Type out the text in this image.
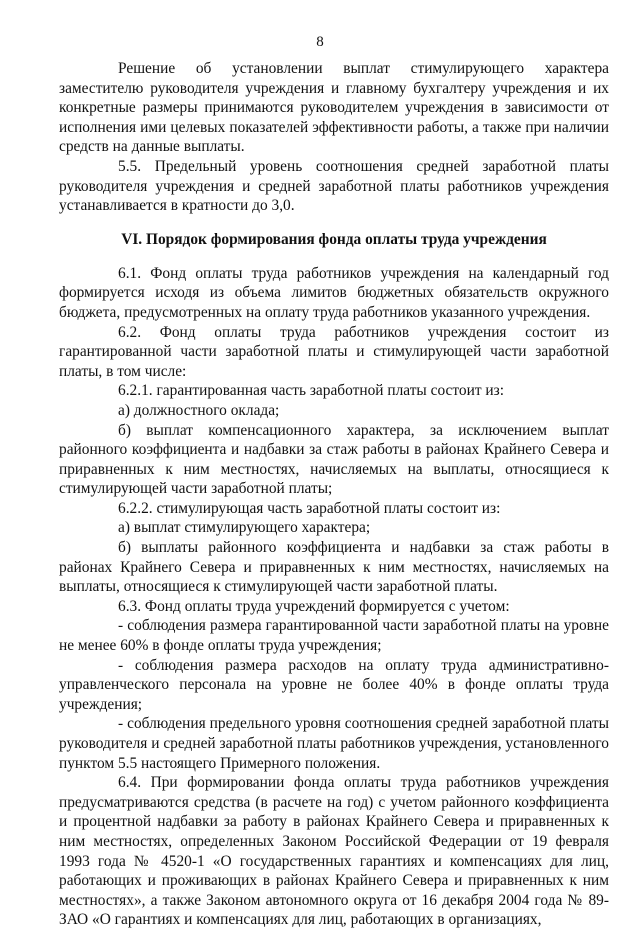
8

Решение об установлении выплат стимулирующего характера заместителю руководителя учреждения и главному бухгалтеру учреждения и их конкретные размеры принимаются руководителем учреждения в зависимости от исполнения ими целевых показателей эффективности работы, а также при наличии средств на данные выплаты.

5.5. Предельный уровень соотношения средней заработной платы руководителя учреждения и средней заработной платы работников учреждения устанавливается в кратности до 3,0.

VI. Порядок формирования фонда оплаты труда учреждения

6.1. Фонд оплаты труда работников учреждения на календарный год формируется исходя из объема лимитов бюджетных обязательств окружного бюджета, предусмотренных на оплату труда работников указанного учреждения.

6.2. Фонд оплаты труда работников учреждения состоит из гарантированной части заработной платы и стимулирующей части заработной платы, в том числе:

6.2.1. гарантированная часть заработной платы состоит из:

а) должностного оклада;

б) выплат компенсационного характера, за исключением выплат районного коэффициента и надбавки за стаж работы в районах Крайнего Севера и приравненных к ним местностях, начисляемых на выплаты, относящиеся к стимулирующей части заработной платы;

6.2.2. стимулирующая часть заработной платы состоит из:

а) выплат стимулирующего характера;

б) выплаты районного коэффициента и надбавки за стаж работы в районах Крайнего Севера и приравненных к ним местностях, начисляемых на выплаты, относящиеся к стимулирующей части заработной платы.

6.3. Фонд оплаты труда учреждений формируется с учетом:

- соблюдения размера гарантированной части заработной платы на уровне не менее 60% в фонде оплаты труда учреждения;

- соблюдения размера расходов на оплату труда административно-управленческого персонала на уровне не более 40% в фонде оплаты труда учреждения;

- соблюдения предельного уровня соотношения средней заработной платы руководителя и средней заработной платы работников учреждения, установленного пунктом 5.5 настоящего Примерного положения.

6.4. При формировании фонда оплаты труда работников учреждения предусматриваются средства (в расчете на год) с учетом районного коэффициента и процентной надбавки за работу в районах Крайнего Севера и приравненных к ним местностях, определенных Законом Российской Федерации от 19 февраля 1993 года № 4520-1 «О государственных гарантиях и компенсациях для лиц, работающих и проживающих в районах Крайнего Севера и приравненных к ним местностях», а также Законом автономного округа от 16 декабря 2004 года № 89-ЗАО «О гарантиях и компенсациях для лиц, работающих в организациях,
